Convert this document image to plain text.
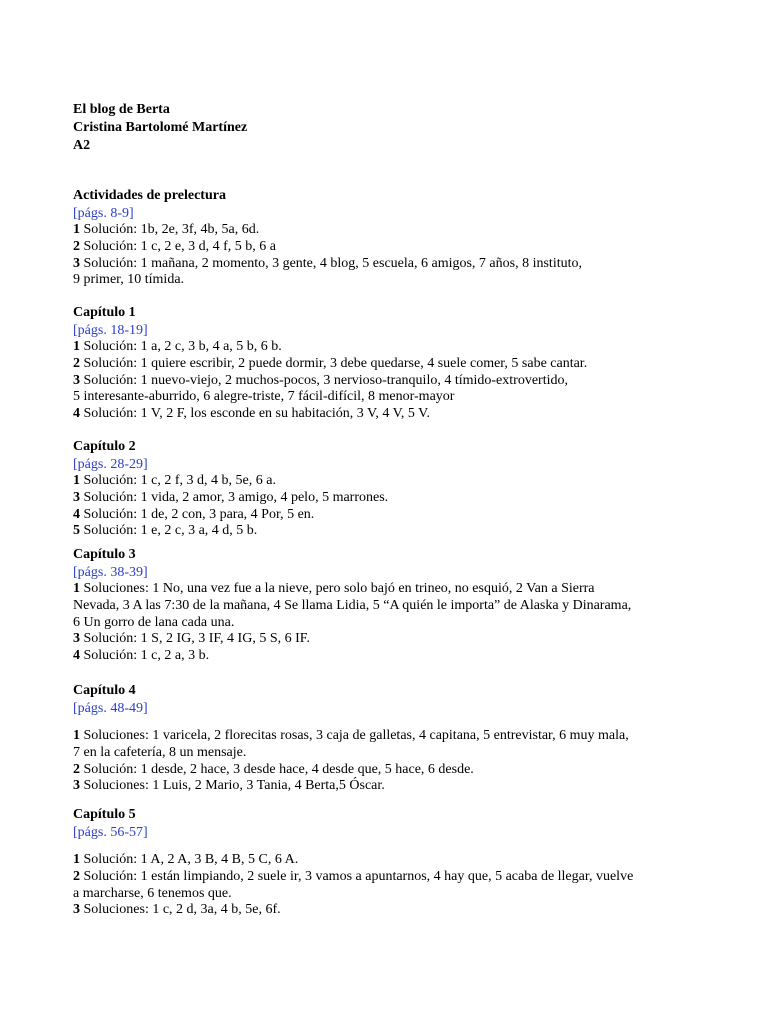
El blog de Berta
Cristina Bartolomé Martínez
A2
Actividades de prelectura
[págs. 8-9]
1 Solución: 1b, 2e, 3f, 4b, 5a, 6d.
2 Solución: 1 c, 2 e, 3 d, 4 f, 5 b, 6 a
3 Solución: 1 mañana, 2 momento, 3 gente, 4 blog, 5 escuela, 6 amigos, 7 años, 8 instituto,
9 primer, 10 tímida.
Capítulo 1
[págs. 18-19]
1 Solución: 1 a, 2 c, 3 b, 4 a, 5 b, 6 b.
2 Solución: 1 quiere escribir, 2 puede dormir, 3 debe quedarse, 4 suele comer, 5 sabe cantar.
3 Solución: 1 nuevo-viejo, 2 muchos-pocos, 3 nervioso-tranquilo, 4 tímido-extrovertido,
5 interesante-aburrido, 6 alegre-triste, 7 fácil-difícil, 8 menor-mayor
4 Solución: 1 V, 2 F, los esconde en su habitación, 3 V, 4 V, 5 V.
Capítulo 2
[págs. 28-29]
1 Solución: 1 c, 2 f, 3 d, 4 b, 5e, 6 a.
3 Solución: 1 vida, 2 amor, 3 amigo, 4 pelo, 5 marrones.
4 Solución: 1 de, 2 con, 3 para, 4 Por, 5 en.
5 Solución: 1 e, 2 c, 3 a, 4 d, 5 b.
Capítulo 3
[págs. 38-39]
1 Soluciones: 1 No, una vez fue a la nieve, pero solo bajó en trineo, no esquió, 2 Van a Sierra
Nevada, 3 A las 7:30 de la mañana, 4 Se llama Lidia, 5 “A quién le importa” de Alaska y Dinarama,
6 Un gorro de lana cada una.
3 Solución: 1 S, 2 IG, 3 IF, 4 IG, 5 S, 6 IF.
4 Solución: 1 c, 2 a, 3 b.
Capítulo 4
[págs. 48-49]
1 Soluciones: 1 varicela, 2 florecitas rosas, 3 caja de galletas, 4 capitana, 5 entrevistar, 6 muy mala,
7 en la cafetería, 8 un mensaje.
2 Solución: 1 desde, 2 hace, 3 desde hace, 4 desde que, 5 hace, 6 desde.
3 Soluciones: 1 Luis, 2 Mario, 3 Tania, 4 Berta,5 Óscar.
Capítulo 5
[págs. 56-57]
1 Solución: 1 A, 2 A, 3 B, 4 B, 5 C, 6 A.
2 Solución: 1 están limpiando, 2 suele ir, 3 vamos a apuntarnos, 4 hay que, 5 acaba de llegar, vuelve
a marcharse, 6 tenemos que.
3 Soluciones: 1 c, 2 d, 3a, 4 b, 5e, 6f.
